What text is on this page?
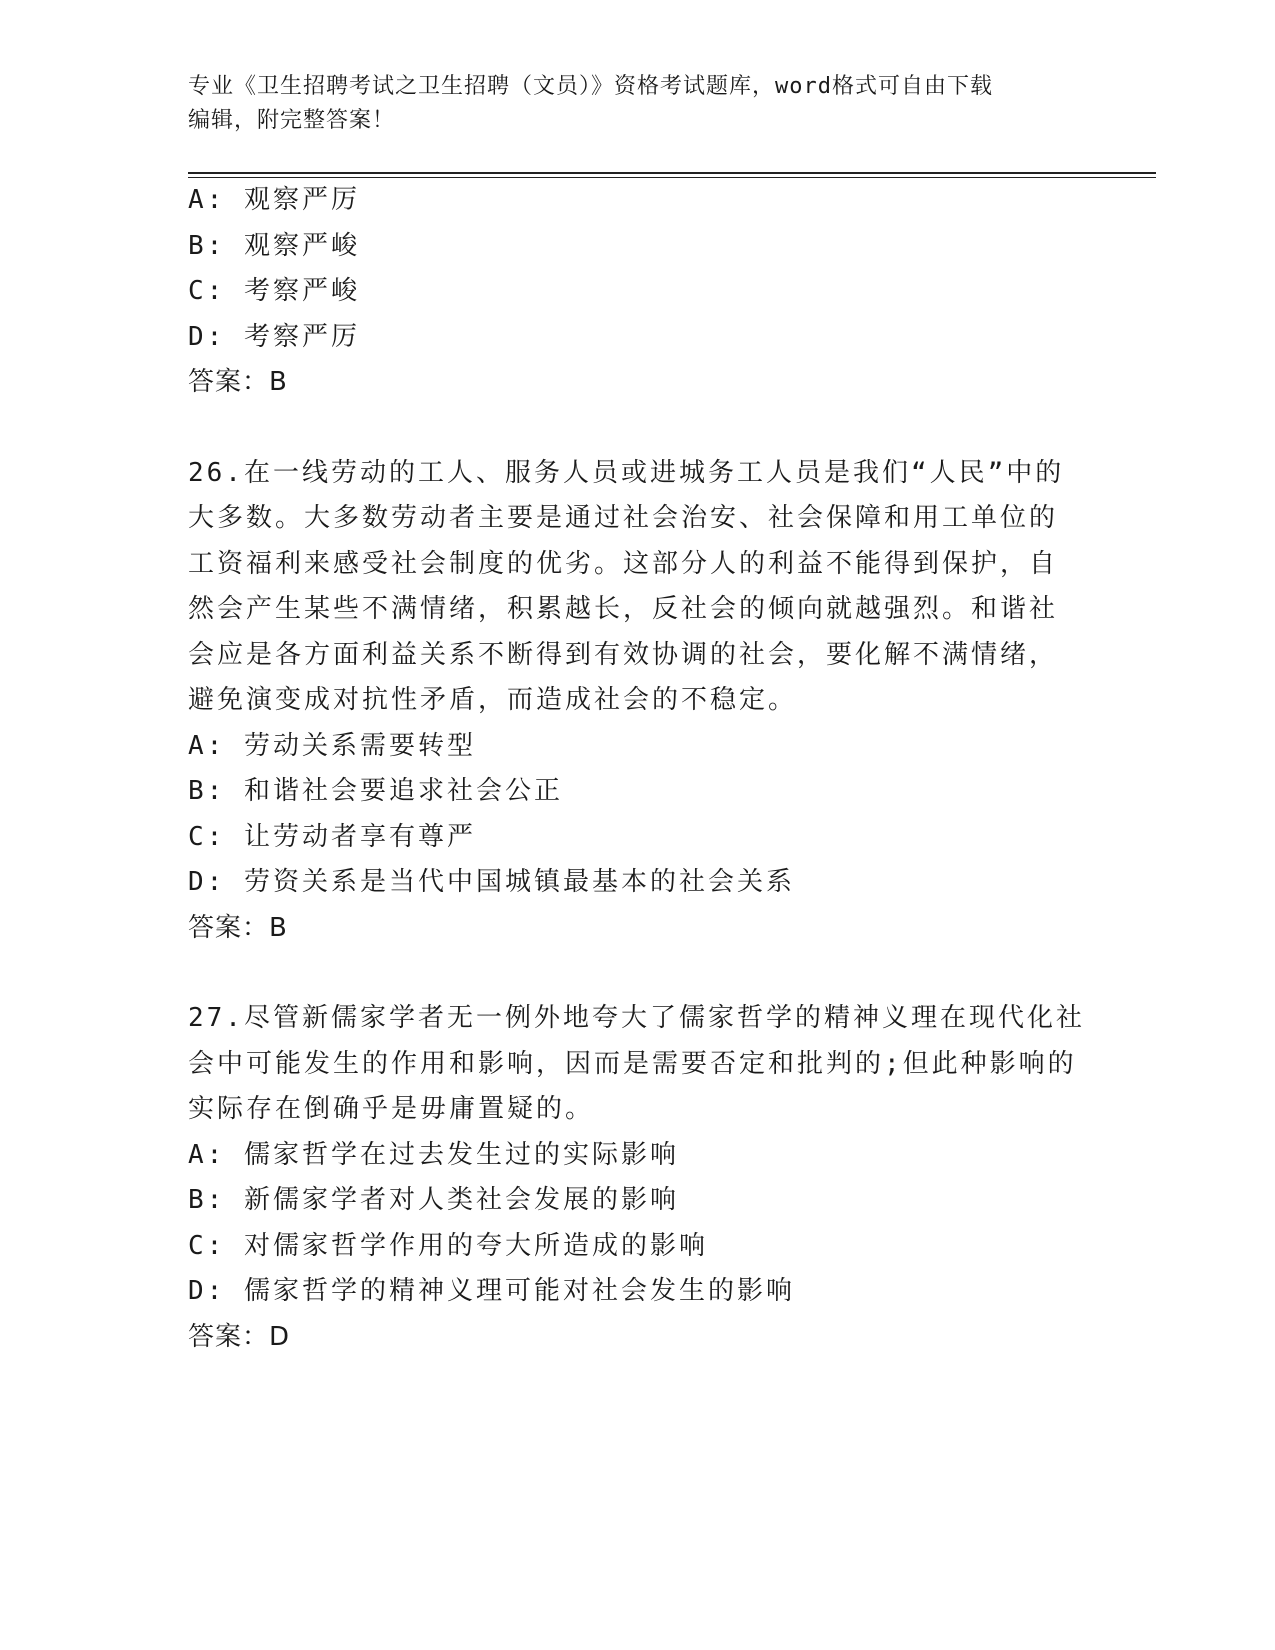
专业《卫生招聘考试之卫生招聘（文员）》资格考试题库，word格式可自由下载
编辑，附完整答案！

A: 观察严厉

B: 观察严峻

C: 考察严峻

D: 考察严厉

答案：B

26.在一线劳动的工人、服务人员或进城务工人员是我们“人民”中的
大多数。大多数劳动者主要是通过社会治安、社会保障和用工单位的
工资福利来感受社会制度的优劣。这部分人的利益不能得到保护，自
然会产生某些不满情绪，积累越长，反社会的倾向就越强烈。和谐社
会应是各方面利益关系不断得到有效协调的社会，要化解不满情绪，
避免演变成对抗性矛盾，而造成社会的不稳定。

A: 劳动关系需要转型

B: 和谐社会要追求社会公正

C: 让劳动者享有尊严

D: 劳资关系是当代中国城镇最基本的社会关系

答案：B

27.尽管新儒家学者无一例外地夸大了儒家哲学的精神义理在现代化社
会中可能发生的作用和影响，因而是需要否定和批判的;但此种影响的
实际存在倒确乎是毋庸置疑的。

A: 儒家哲学在过去发生过的实际影响

B: 新儒家学者对人类社会发展的影响

C: 对儒家哲学作用的夸大所造成的影响

D: 儒家哲学的精神义理可能对社会发生的影响

答案：D
